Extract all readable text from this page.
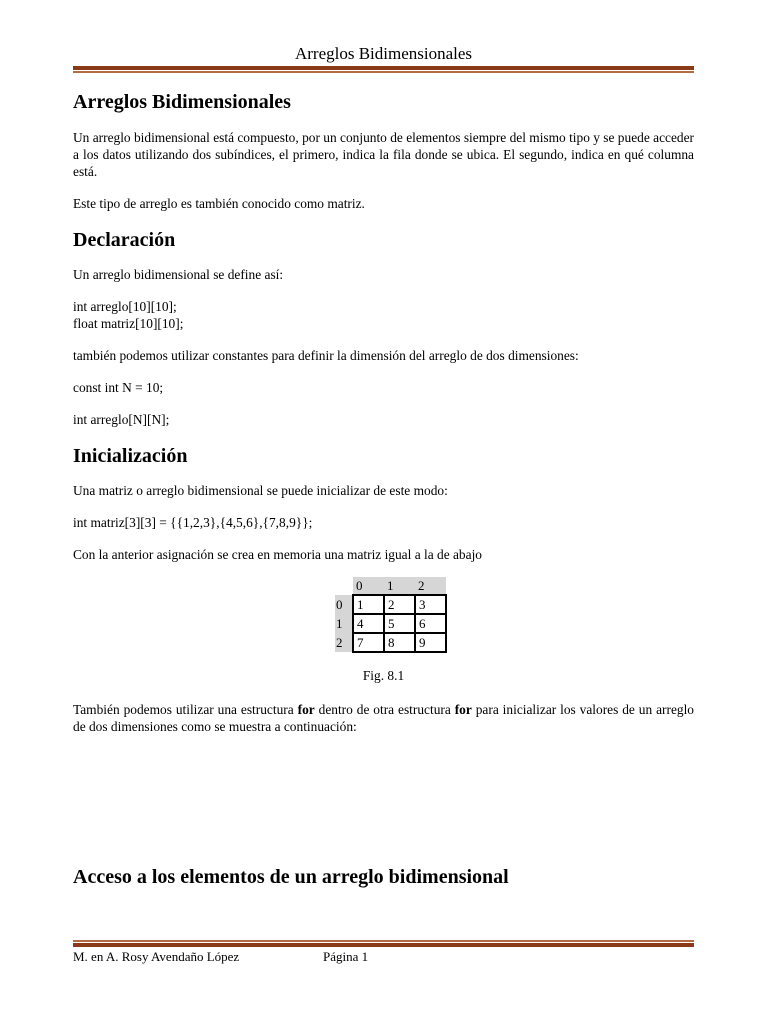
Arreglos Bidimensionales
Arreglos Bidimensionales

Un arreglo bidimensional está compuesto, por un conjunto de elementos siempre del mismo tipo y se puede acceder a los datos utilizando dos subíndices, el primero, indica la fila donde se ubica. El segundo, indica en qué columna está.

Este tipo de arreglo es también conocido como matriz.

Declaración

Un arreglo bidimensional se define así:

int arreglo[10][10];

float matriz[10][10];

también podemos utilizar constantes para definir la dimensión del arreglo de dos dimensiones:

const int N = 10;

int arreglo[N][N];

Inicialización

Una matriz o arreglo bidimensional se puede inicializar de este modo:

int matriz[3][3] = {{1,2,3},{4,5,6},{7,8,9}};

Con la anterior asignación se crea en memoria una matriz igual a la de abajo

	0	1	2
0	1	2	3
1	4	5	6
2	7	8	9
Fig. 8.1

También podemos utilizar una estructura for dentro de otra estructura for para inicializar los valores de un arreglo de dos dimensiones como se muestra a continuación:

Acceso a los elementos de un arreglo bidimensional
M. en A. Rosy Avendaño López	Página 1
